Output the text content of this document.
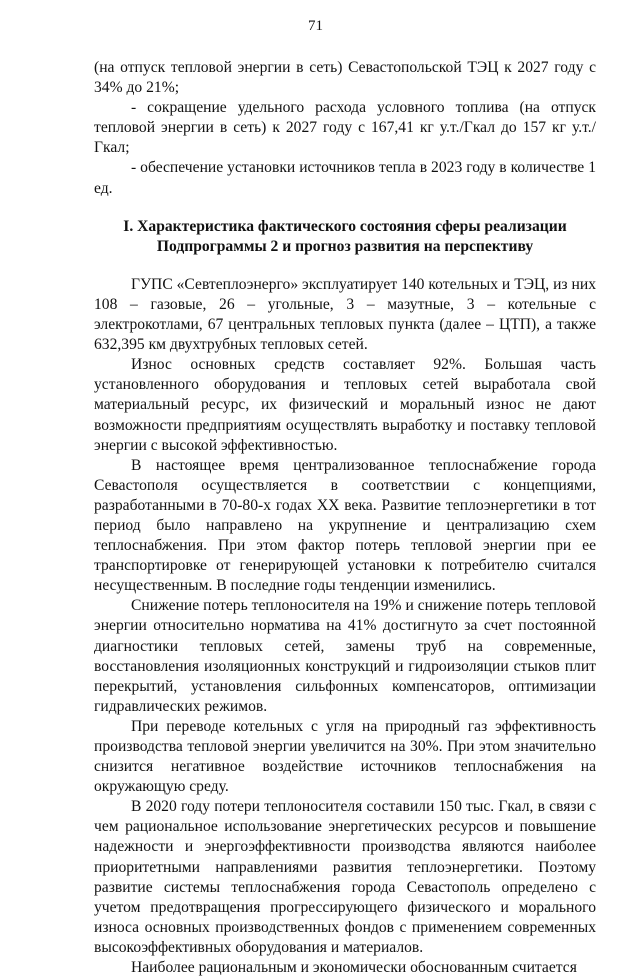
71

(на отпуск тепловой энергии в сеть) Севастопольской ТЭЦ к 2027 году с 34% до 21%;

- сокращение удельного расхода условного топлива (на отпуск тепловой энергии в сеть) к 2027 году с 167,41 кг у.т./Гкал до 157 кг у.т./Гкал;

- обеспечение установки источников тепла в 2023 году в количестве 1 ед.

I. Характеристика фактического состояния сферы реализации
Подпрограммы 2 и прогноз развития на перспективу

ГУПС «Севтеплоэнерго» эксплуатирует 140 котельных и ТЭЦ, из них 108 – газовые, 26 – угольные, 3 – мазутные, 3 – котельные с электрокотлами, 67 центральных тепловых пункта (далее – ЦТП), а также 632,395 км двухтрубных тепловых сетей.

Износ основных средств составляет 92%. Большая часть установленного оборудования и тепловых сетей выработала свой материальный ресурс, их физический и моральный износ не дают возможности предприятиям осуществлять выработку и поставку тепловой энергии с высокой эффективностью.

В настоящее время централизованное теплоснабжение города Севастополя осуществляется в соответствии с концепциями, разработанными в 70-80-х годах XX века. Развитие теплоэнергетики в тот период было направлено на укрупнение и централизацию схем теплоснабжения. При этом фактор потерь тепловой энергии при ее транспортировке от генерирующей установки к потребителю считался несущественным. В последние годы тенденции изменились.

Снижение потерь теплоносителя на 19% и снижение потерь тепловой энергии относительно норматива на 41% достигнуто за счет постоянной диагностики тепловых сетей, замены труб на современные, восстановления изоляционных конструкций и гидроизоляции стыков плит перекрытий, установления сильфонных компенсаторов, оптимизации гидравлических режимов.

При переводе котельных с угля на природный газ эффективность производства тепловой энергии увеличится на 30%. При этом значительно снизится негативное воздействие источников теплоснабжения на окружающую среду.

В 2020 году потери теплоносителя составили 150 тыс. Гкал, в связи с чем рациональное использование энергетических ресурсов и повышение надежности и энергоэффективности производства являются наиболее приоритетными направлениями развития теплоэнергетики. Поэтому развитие системы теплоснабжения города Севастополь определено с учетом предотвращения прогрессирующего физического и морального износа основных производственных фондов с применением современных высокоэффективных оборудования и материалов.

Наиболее рациональным и экономически обоснованным считается
